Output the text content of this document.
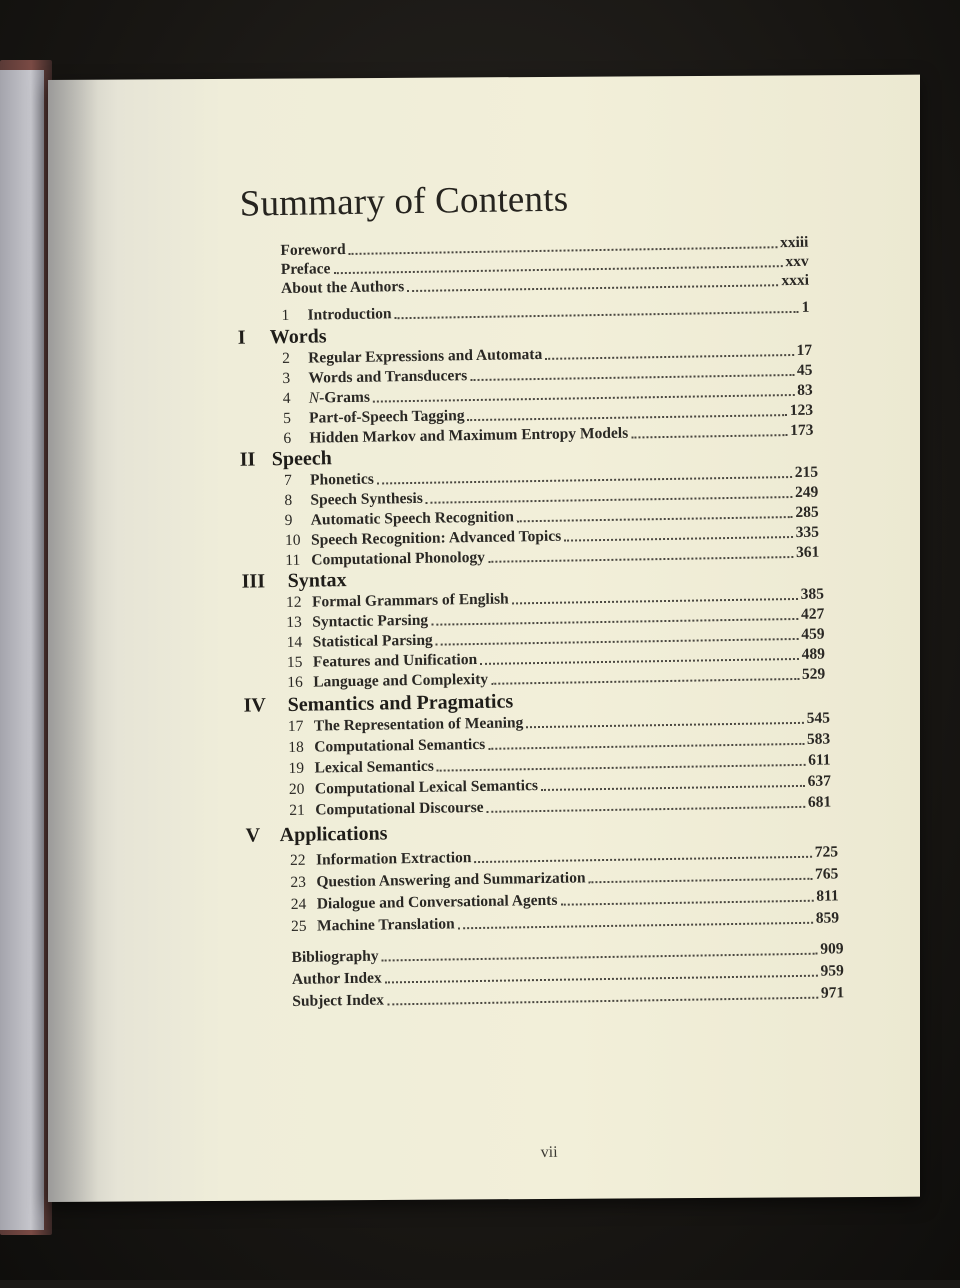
Summary of Contents
Foreword	xxiii
Preface	xxv
About the Authors	xxxi
1	Introduction	1
I	Words
2	Regular Expressions and Automata	17
3	Words and Transducers	45
4	N-Grams	83
5	Part-of-Speech Tagging	123
6	Hidden Markov and Maximum Entropy Models	173
II Speech
7	Phonetics	215
8	Speech Synthesis	249
9	Automatic Speech Recognition	285
10 Speech Recognition: Advanced Topics	335
11 Computational Phonology	361
III	Syntax
12 Formal Grammars of English	385
13 Syntactic Parsing	427
14 Statistical Parsing	459
15 Features and Unification	489
16 Language and Complexity	529
IV	Semantics and Pragmatics
17 The Representation of Meaning	545
18 Computational Semantics	583
19 Lexical Semantics	611
20 Computational Lexical Semantics	637
21 Computational Discourse	681
V Applications
22 Information Extraction	725
23 Question Answering and Summarization	765
24 Dialogue and Conversational Agents	811
25 Machine Translation	859
Bibliography	909
Author Index	959
Subject Index	971
vii
